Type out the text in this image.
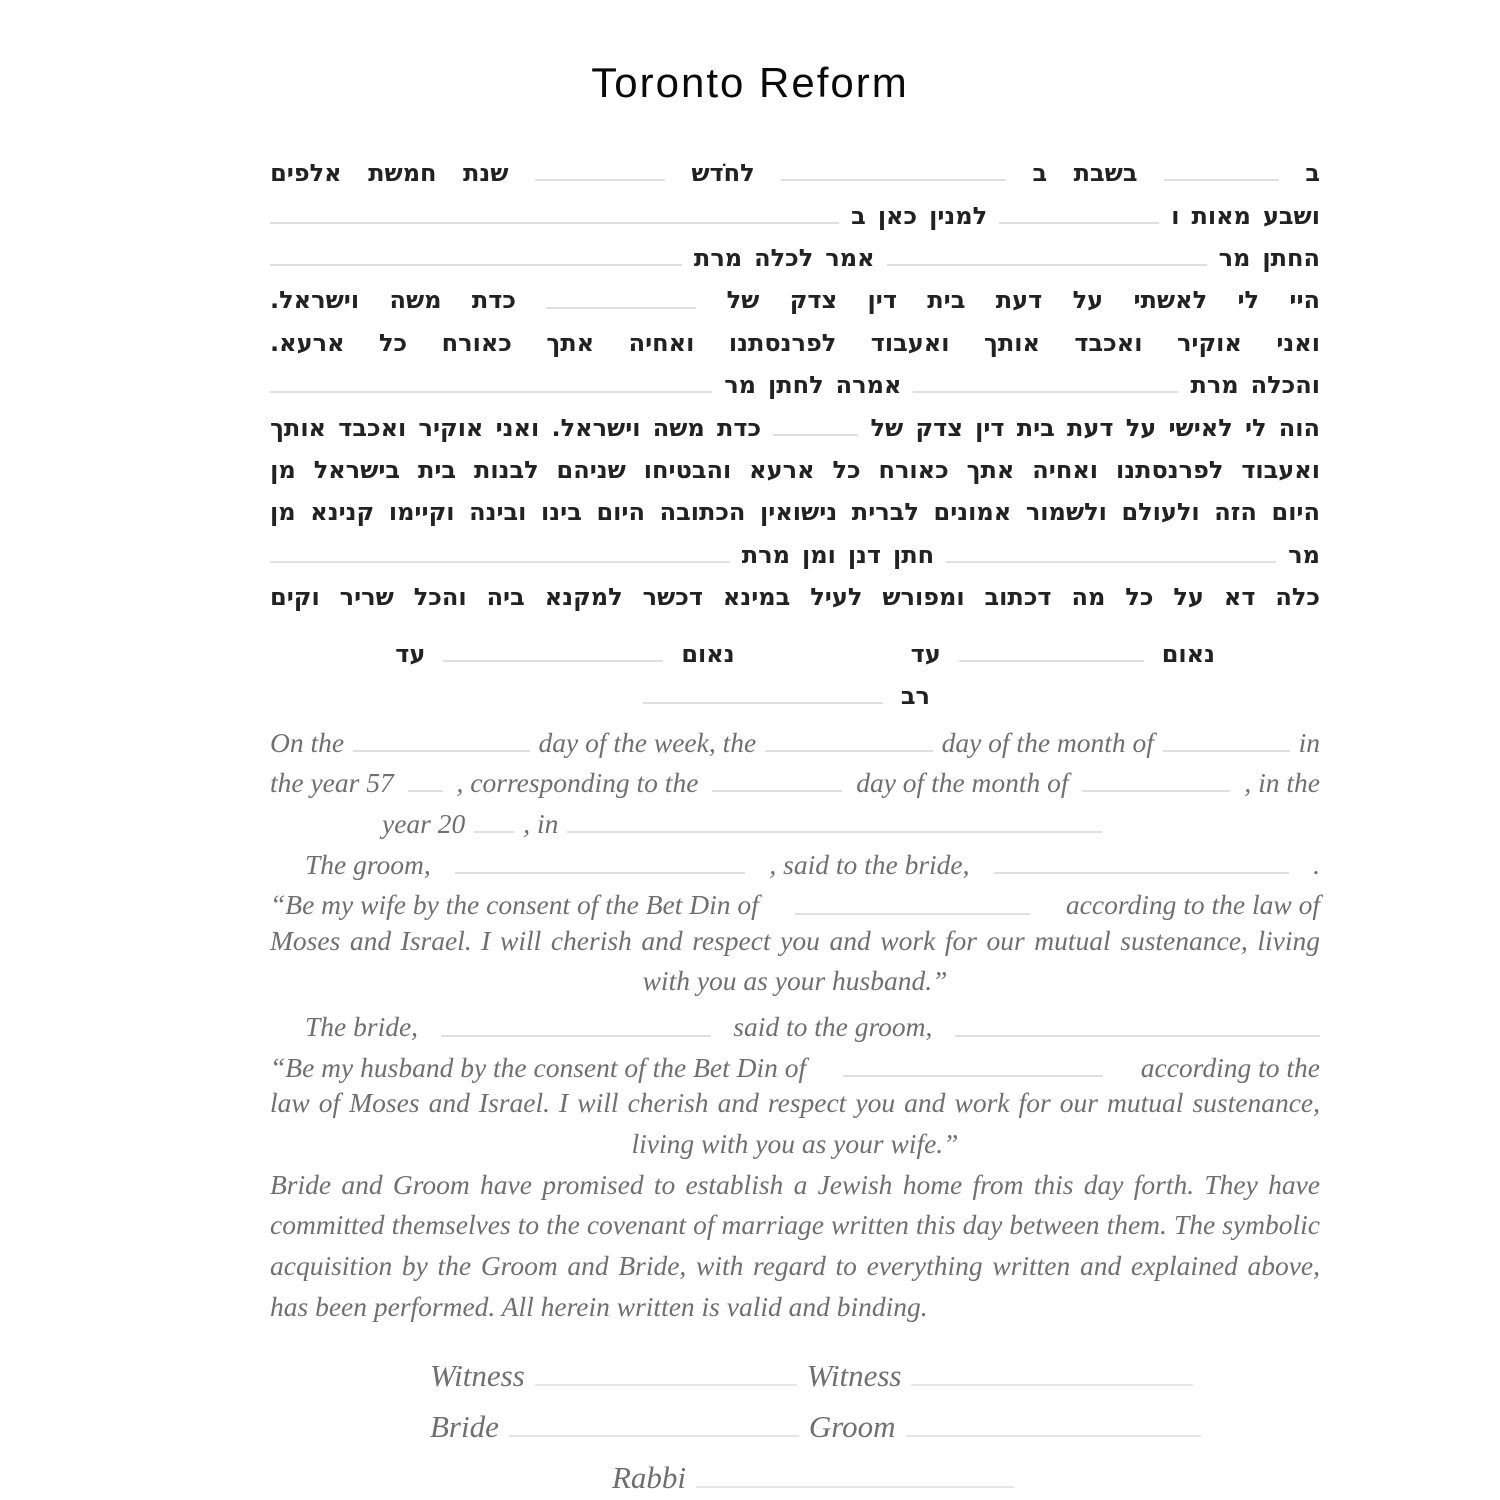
Toronto Reform
ב
בשבת
ב
לחֹדש
שנת
חמשת
אלפים
ושבע
מאות
ו
למנין
כאן
ב
החתן
מר
אמר
לכלה
מרת
היי
לי
לאשתי
על
דעת
בית
דין
צדק
של
כדת
משה
וישראל.
ואני
אוקיר
ואכבד
אותך
ואעבוד
לפרנסתנו
ואחיה
אתך
כאורח
כל
ארעא.
והכלה
מרת
אמרה
לחתן
מר
הוה
לי
לאישי
על
דעת
בית
דין
צדק
של
כדת
משה
וישראל.
ואני
אוקיר
ואכבד
אותך
ואעבוד
לפרנסתנו
ואחיה
אתך
כאורח
כל
ארעא
והבטיחו
שניהם
לבנות
בית
בישראל
מן
היום
הזה
ולעולם
ולשמור
אמונים
לברית
נישואין
הכתובה
היום
בינו
ובינה
וקיימו
קנינא
מן
מר
חתן
דנן
ומן
מרת
כלה
דא
על
כל
מה
דכתוב
ומפורש
לעיל
במינא
דכשר
למקנא
ביה
והכל
שריר
וקים
נאום
עד
נאום
עד
רב
On the	day of the week, the	day of the month of	in
the year 57 , corresponding to the	day of the month of	, in the
year 20 , in
The groom,	, said to the bride,	.
“Be my wife by the consent of the Bet Din of	according to the law of
Moses and Israel. I will cherish and respect you and work for our mutual sustenance, living
with you as your husband.”
The bride,	said to the groom,
“Be my husband by the consent of the Bet Din of	according to the
law of Moses and Israel. I will cherish and respect you and work for our mutual sustenance,
living with you as your wife.”
Bride and Groom have promised to establish a Jewish home from this day forth. They have
committed themselves to the covenant of marriage written this day between them. The symbolic
acquisition by the Groom and Bride, with regard to everything written and explained above,
has been performed. All herein written is valid and binding.
Witness	Witness
Bride	Groom
Rabbi
